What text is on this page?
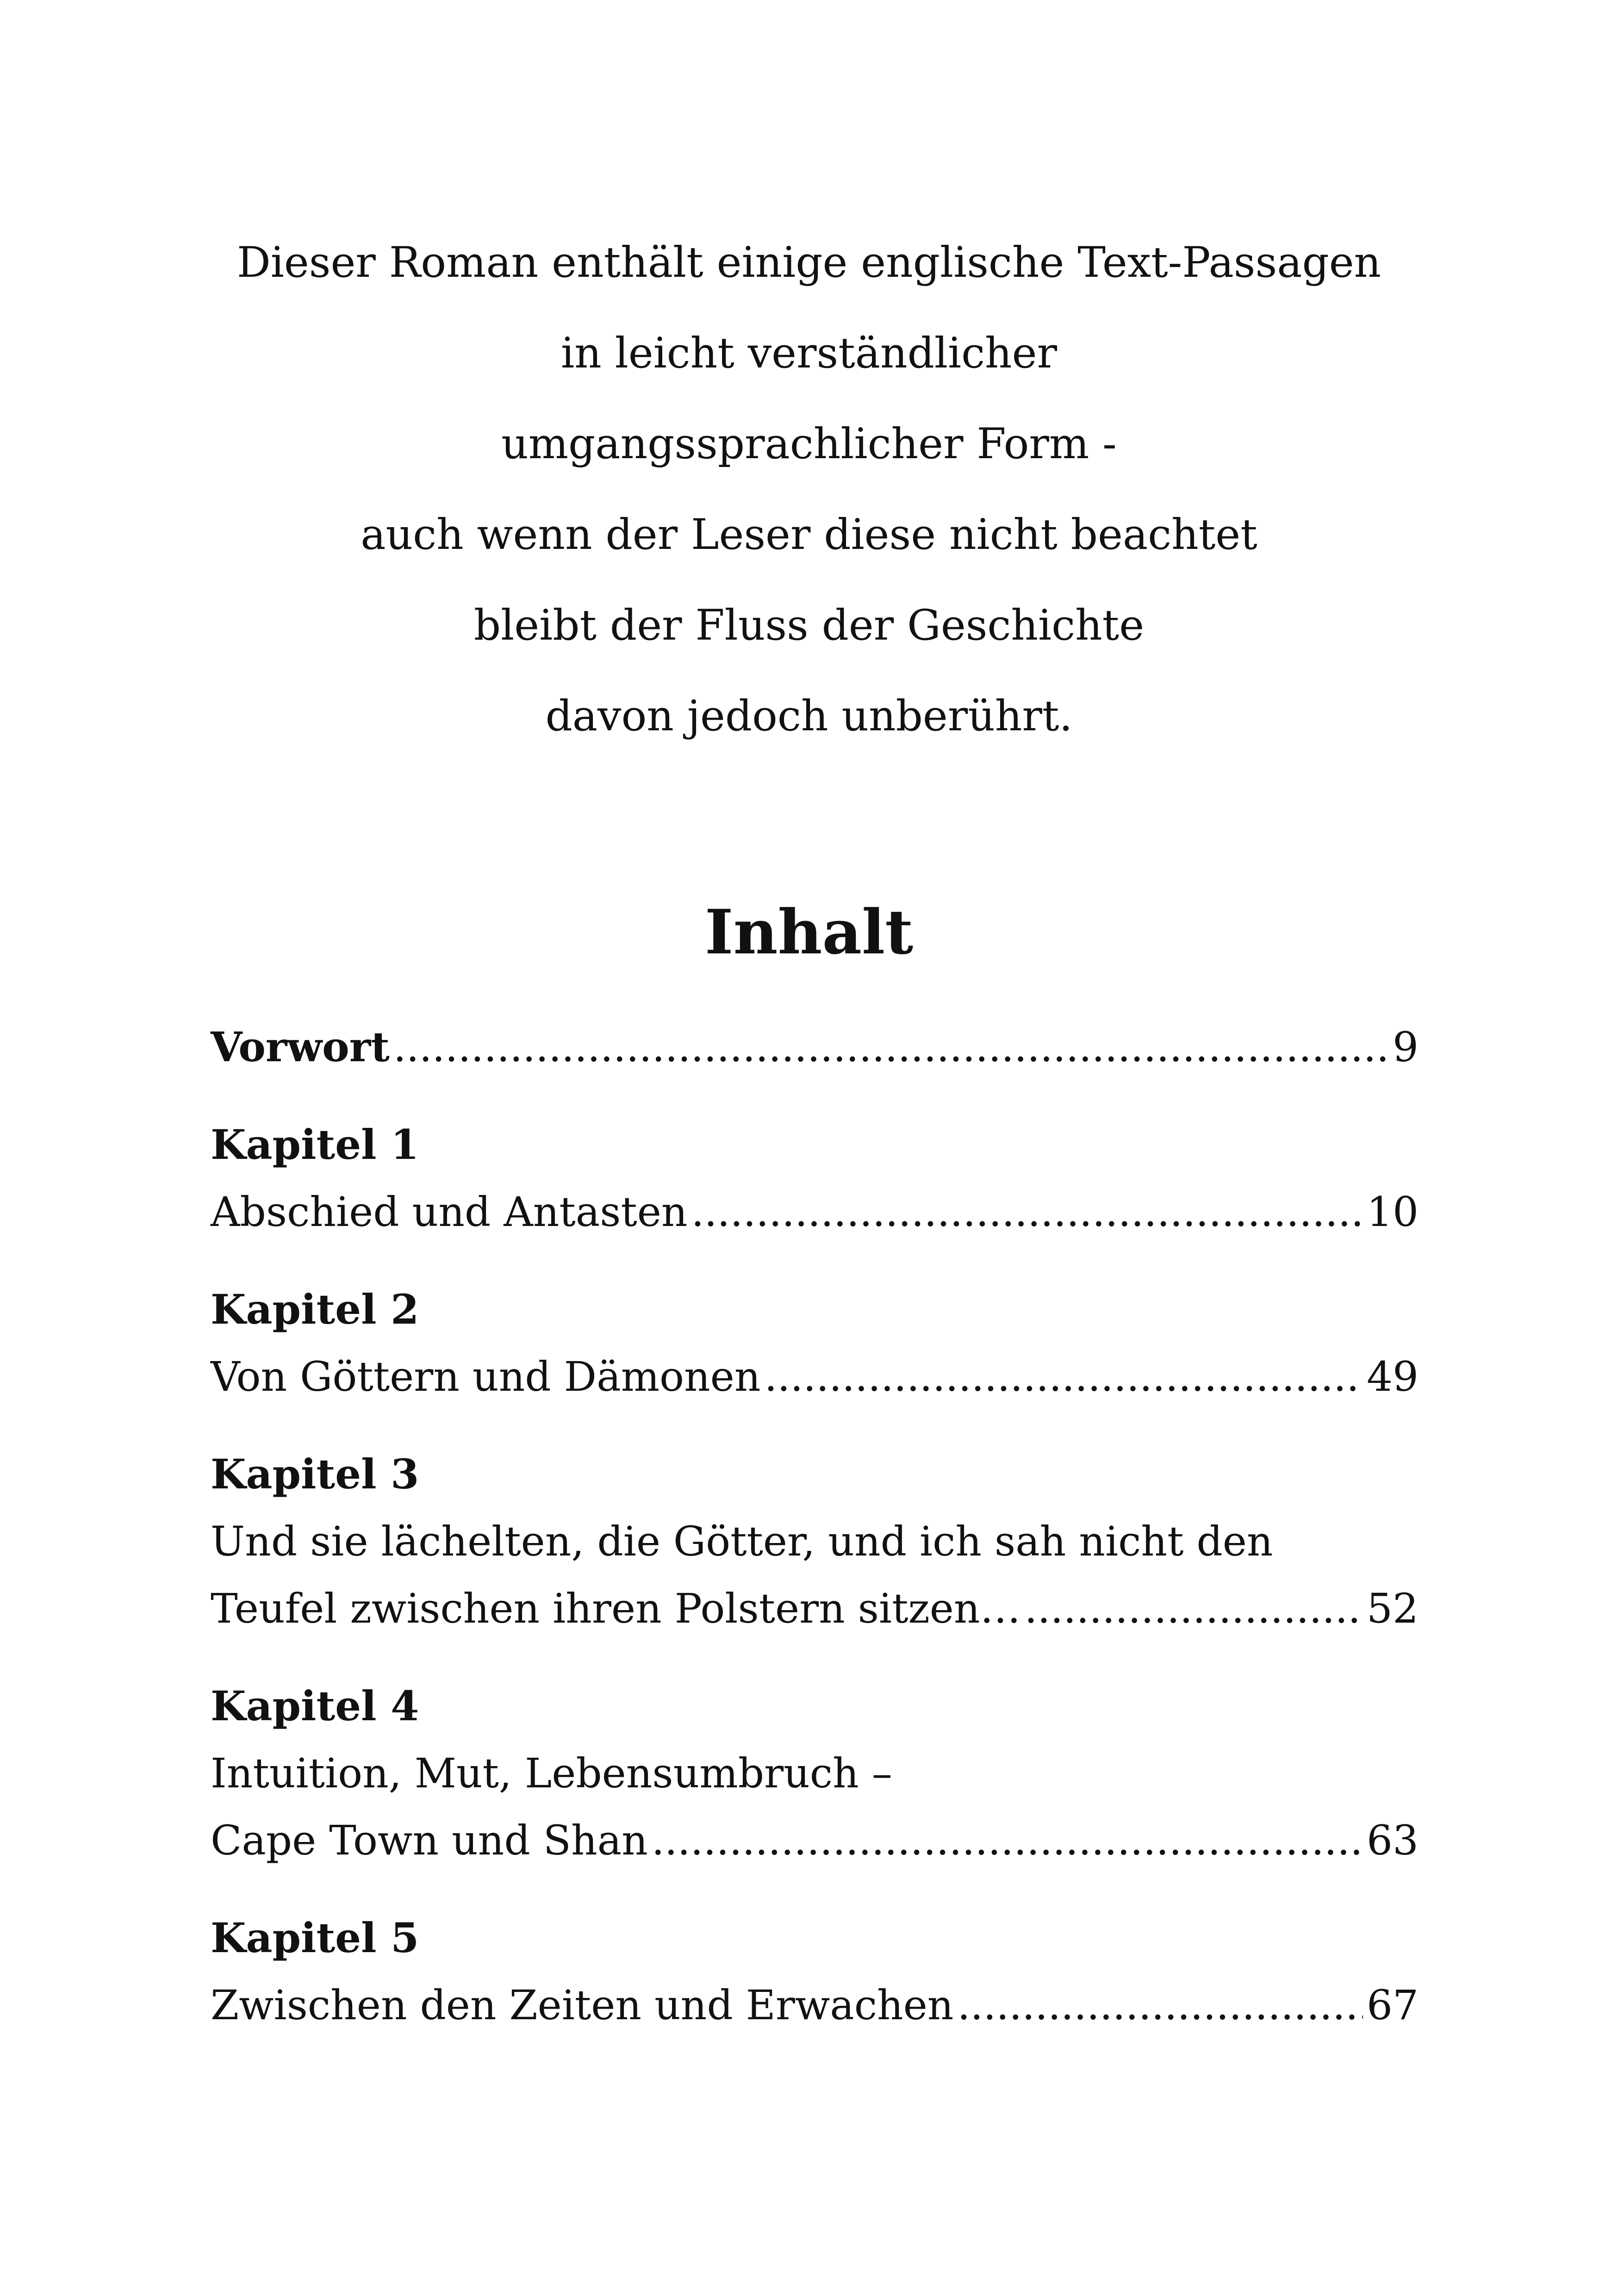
Dieser Roman enthält einige englische Text-Passagen
in leicht verständlicher
umgangssprachlicher Form -
auch wenn der Leser diese nicht beachtet
bleibt der Fluss der Geschichte
davon jedoch unberührt.
Inhalt
Vorwort . . .	9
Kapitel 1
Abschied und Antasten . . .	10
Kapitel 2
Von Göttern und Dämonen . . .	49
Kapitel 3
Und sie lächelten, die Götter, und ich sah nicht den
Teufel zwischen ihren Polstern sitzen… . . .	52
Kapitel 4
Intuition, Mut, Lebensumbruch –
Cape Town und Shan . . .	63
Kapitel 5
Zwischen den Zeiten und Erwachen . . .	67
